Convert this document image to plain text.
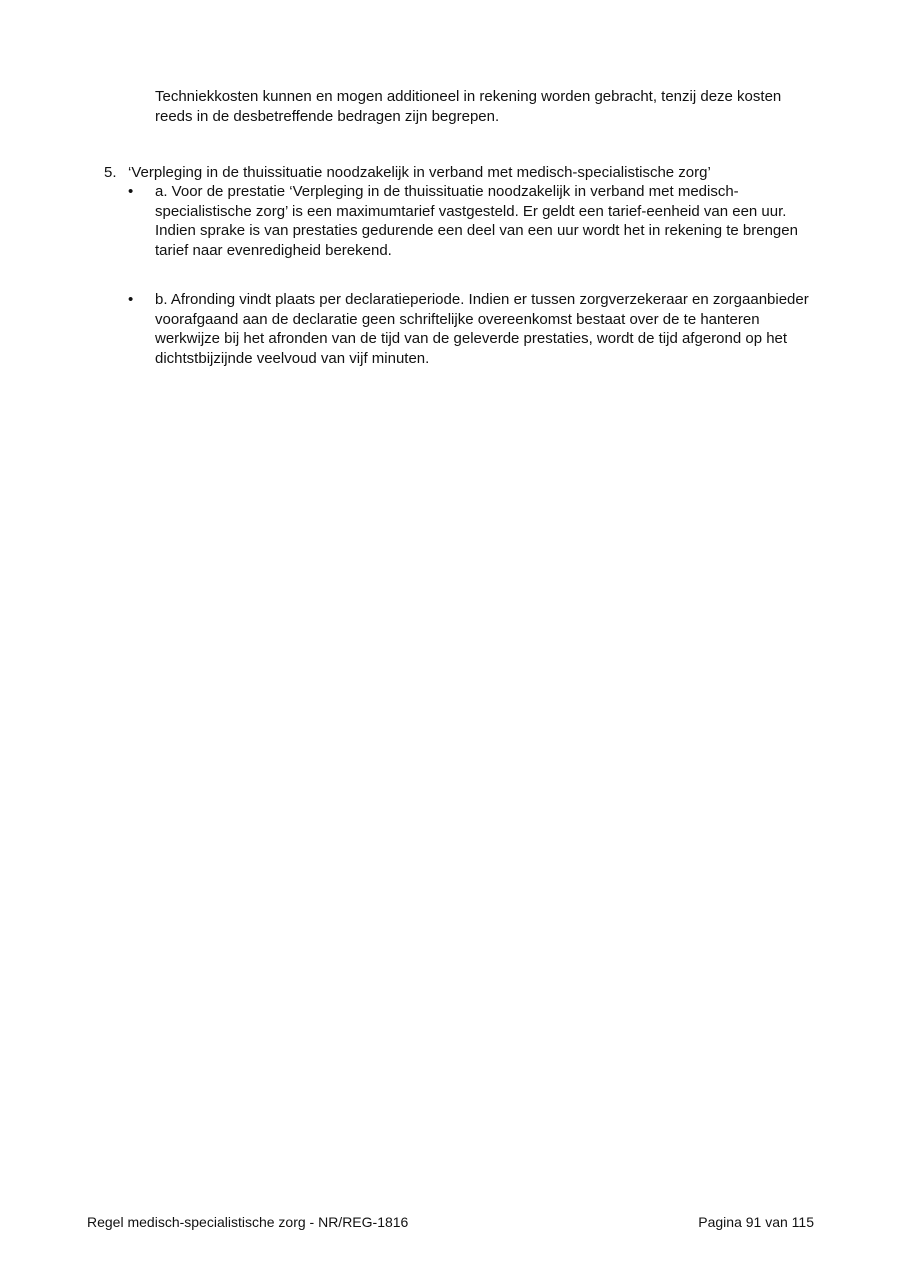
Techniekkosten kunnen en mogen additioneel in rekening worden gebracht, tenzij deze kosten reeds in de desbetreffende bedragen zijn begrepen.

5. ‘Verpleging in de thuissituatie noodzakelijk in verband met medisch-specialistische zorg’
• a. Voor de prestatie ‘Verpleging in de thuissituatie noodzakelijk in verband met medisch-specialistische zorg’ is een maximumtarief vastgesteld. Er geldt een tarief-eenheid van een uur. Indien sprake is van prestaties gedurende een deel van een uur wordt het in rekening te brengen tarief naar evenredigheid berekend.

• b. Afronding vindt plaats per declaratieperiode. Indien er tussen zorgverzekeraar en zorgaanbieder voorafgaand aan de declaratie geen schriftelijke overeenkomst bestaat over de te hanteren werkwijze bij het afronden van de tijd van de geleverde prestaties, wordt de tijd afgerond op het dichtstbijzijnde veelvoud van vijf minuten.

Regel medisch-specialistische zorg - NR/REG-1816	Pagina 91 van 115
